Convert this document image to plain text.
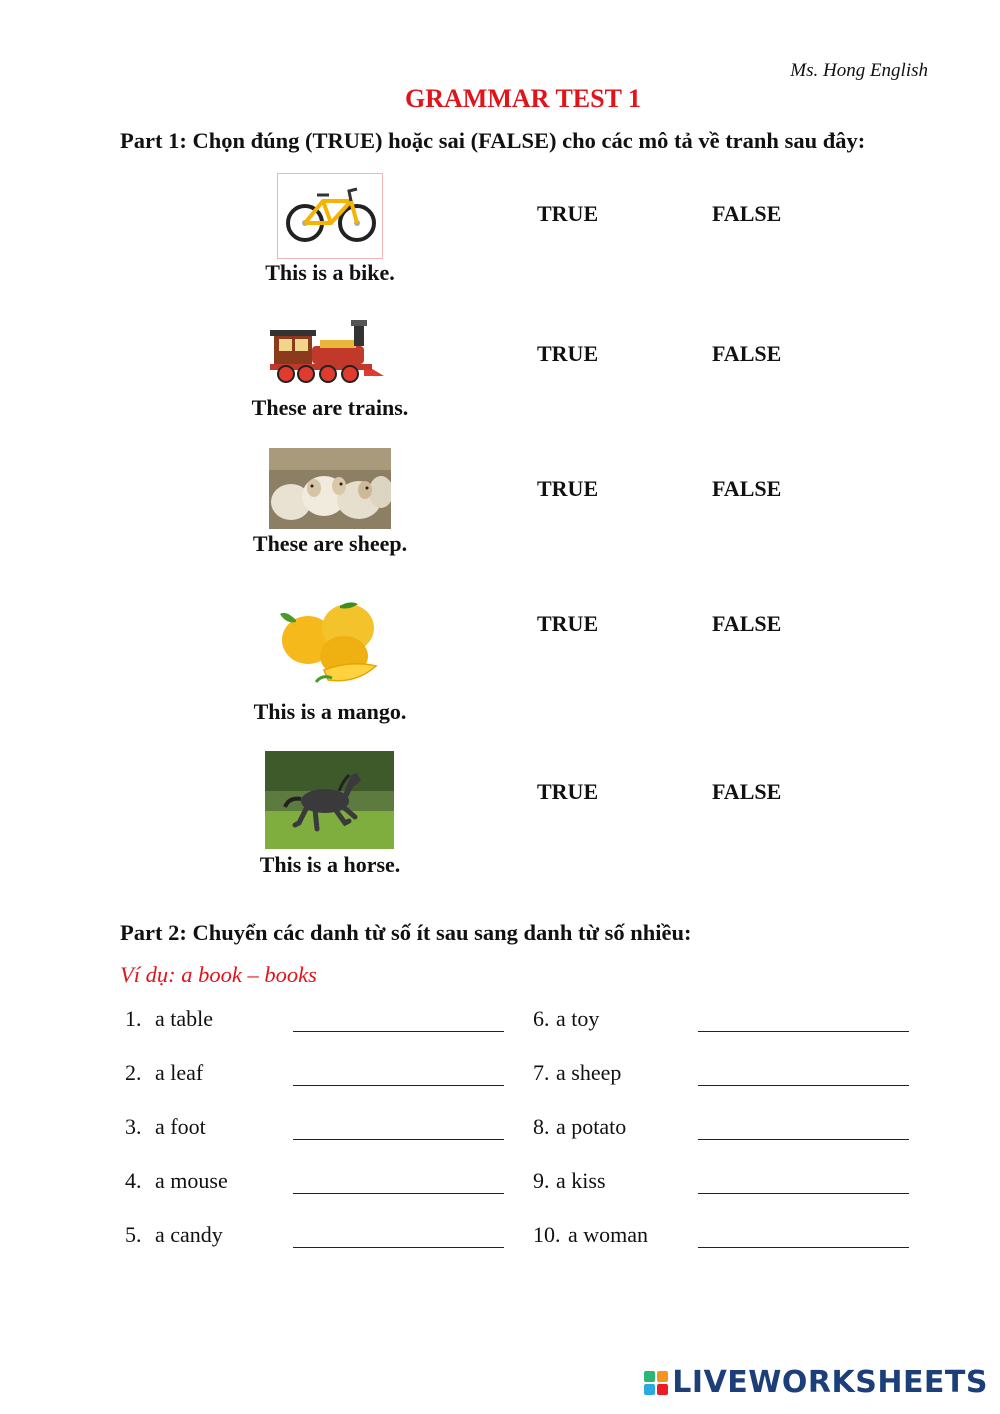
Ms. Hong English
GRAMMAR TEST 1
Part 1: Chọn đúng (TRUE) hoặc sai (FALSE) cho các mô tả về tranh sau đây:
This is a bike.
TRUE	FALSE
These are trains.
TRUE	FALSE
These are sheep.
TRUE	FALSE
This is a mango.
TRUE	FALSE
This is a horse.
TRUE	FALSE
Part 2: Chuyển các danh từ số ít sau sang danh từ số nhiều:
Ví dụ: a book – books
1. a table
2. a leaf
3. a foot
4. a mouse
5. a candy
6. a toy
7. a sheep
8. a potato
9. a kiss
10. a woman
LIVEWORKSHEETS
